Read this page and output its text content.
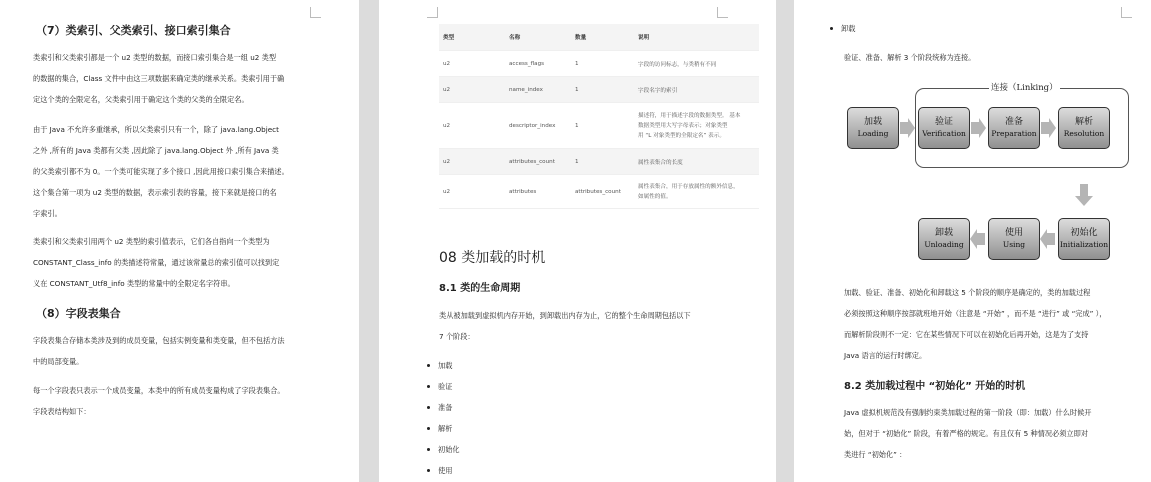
（7）类索引、父类索引、接口索引集合
类索引和父类索引都是一个 u2 类型的数据，而接口索引集合是一组 u2 类型
的数据的集合，Class 文件中由这三项数据来确定类的继承关系。类索引用于确
定这个类的全限定名，父类索引用于确定这个类的父类的全限定名。
由于 Java 不允许多重继承，所以父类索引只有一个，除了 java.lang.Object
之外 ,所有的 Java 类都有父类 ,因此除了 java.lang.Object 外 ,所有 Java 类
的父类索引都不为 0。一个类可能实现了多个接口 ,因此用接口索引集合来描述。
这个集合第一项为 u2 类型的数据，表示索引表的容量，接下来就是接口的名
字索引。
类索引和父类索引用两个 u2 类型的索引值表示，它们各自指向一个类型为
CONSTANT_Class_info 的类描述符常量，通过该常量总的索引值可以找到定
义在 CONSTANT_Utf8_info 类型的常量中的全限定名字符串。
（8）字段表集合
字段表集合存储本类涉及到的成员变量，包括实例变量和类变量，但不包括方法
中的局部变量。
每一个字段表只表示一个成员变量，本类中的所有成员变量构成了字段表集合。
字段表结构如下：
类型	名称	数量	说明
u2	access_flags	1	字段的访问标志，与类稍有不同
u2	name_index	1	字段名字的索引
u2	descriptor_index	1	描述符，用于描述字段的数据类型。 基本
数据类型用大写字母表示；对象类型
用 “L 对象类型的全限定名” 表示。

u2	attributes_count	1	属性表集合的长度
u2	attributes	attributes_count	属性表集合，用于存放属性的额外信息，
如属性的值。
08 类加载的时机
8.1 类的生命周期
类从被加载到虚拟机内存开始，到卸载出内存为止，它的整个生命周期包括以下
7 个阶段：
加载
验证
准备
解析
初始化
使用
卸载
验证、准备、解析 3 个阶段统称为连接。
连接（Linking）
加载
Loading
验证
Verification
准备
Preparation
解析
Resolution
初始化
Initialization
使用
Using
卸载
Unloading
加载、验证、准备、初始化和卸载这 5 个阶段的顺序是确定的，类的加载过程
必须按照这种顺序按部就班地开始（注意是 “开始” ，而不是 “进行” 或 “完成” ），
而解析阶段则不一定：它在某些情况下可以在初始化后再开始，这是为了支持
Java 语言的运行时绑定。
8.2 类加载过程中 “初始化” 开始的时机
Java 虚拟机规范没有强制约束类加载过程的第一阶段（即：加载）什么时候开
始，但对于 “初始化” 阶段，有着严格的规定。有且仅有 5 种情况必须立即对
类进行 “初始化” ：
